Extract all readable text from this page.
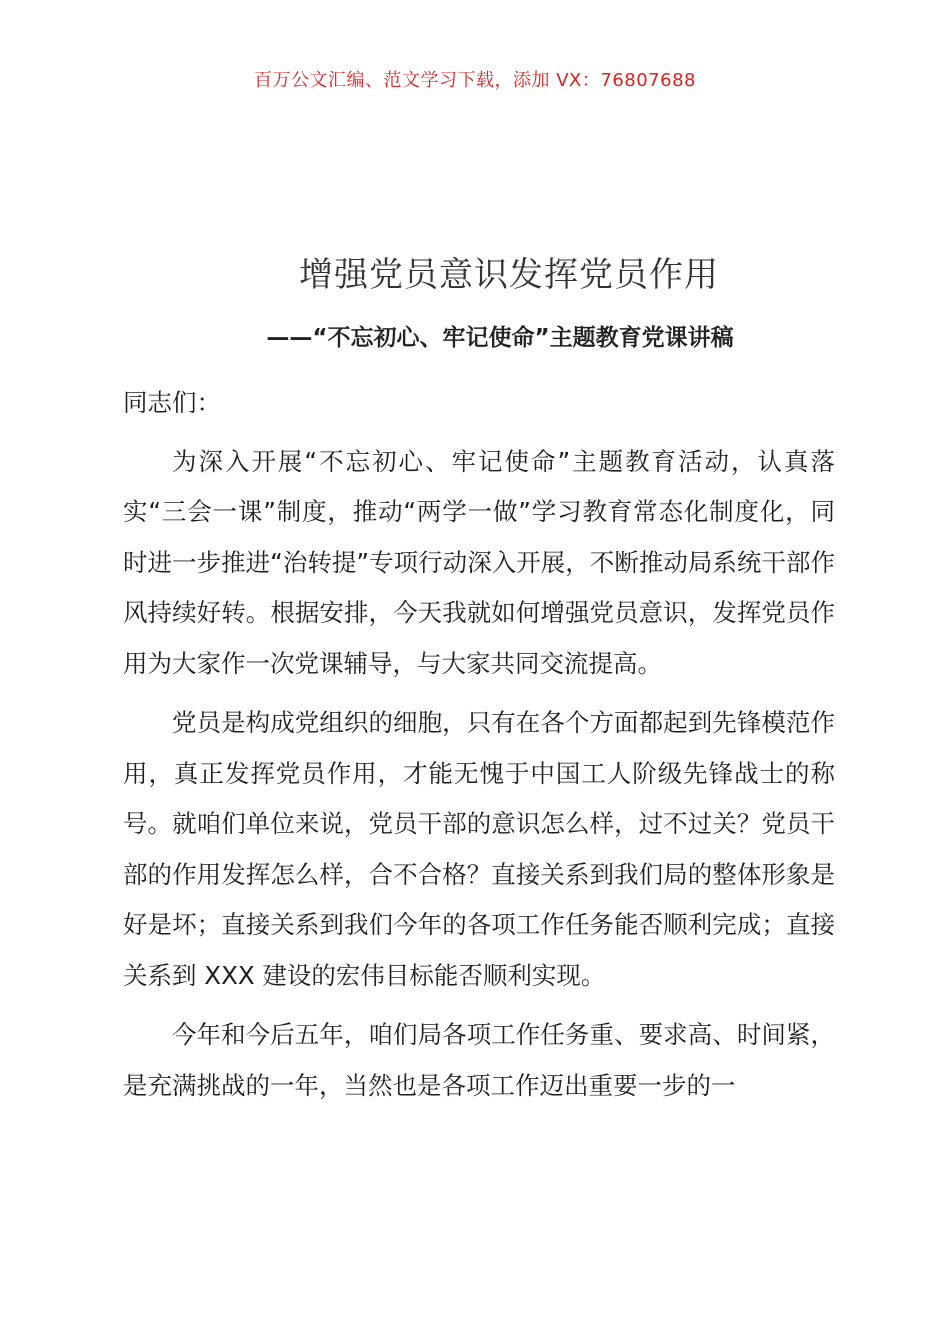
百万公文汇编、范文学习下载，添加 VX：76807688
增强党员意识发挥党员作用
——“不忘初心、牢记使命”主题教育党课讲稿

同志们：

为深入开展“不忘初心、牢记使命”主题教育活动，认真落实“三会一课”制度，推动“两学一做”学习教育常态化制度化，同时进一步推进“治转提”专项行动深入开展，不断推动局系统干部作风持续好转。根据安排，今天我就如何增强党员意识，发挥党员作用为大家作一次党课辅导，与大家共同交流提高。

党员是构成党组织的细胞，只有在各个方面都起到先锋模范作用，真正发挥党员作用，才能无愧于中国工人阶级先锋战士的称号。就咱们单位来说，党员干部的意识怎么样，过不过关？党员干部的作用发挥怎么样，合不合格？直接关系到我们局的整体形象是好是坏；直接关系到我们今年的各项工作任务能否顺利完成；直接关系到 XXX 建设的宏伟目标能否顺利实现。

今年和今后五年，咱们局各项工作任务重、要求高、时间紧，是充满挑战的一年，当然也是各项工作迈出重要一步的一
